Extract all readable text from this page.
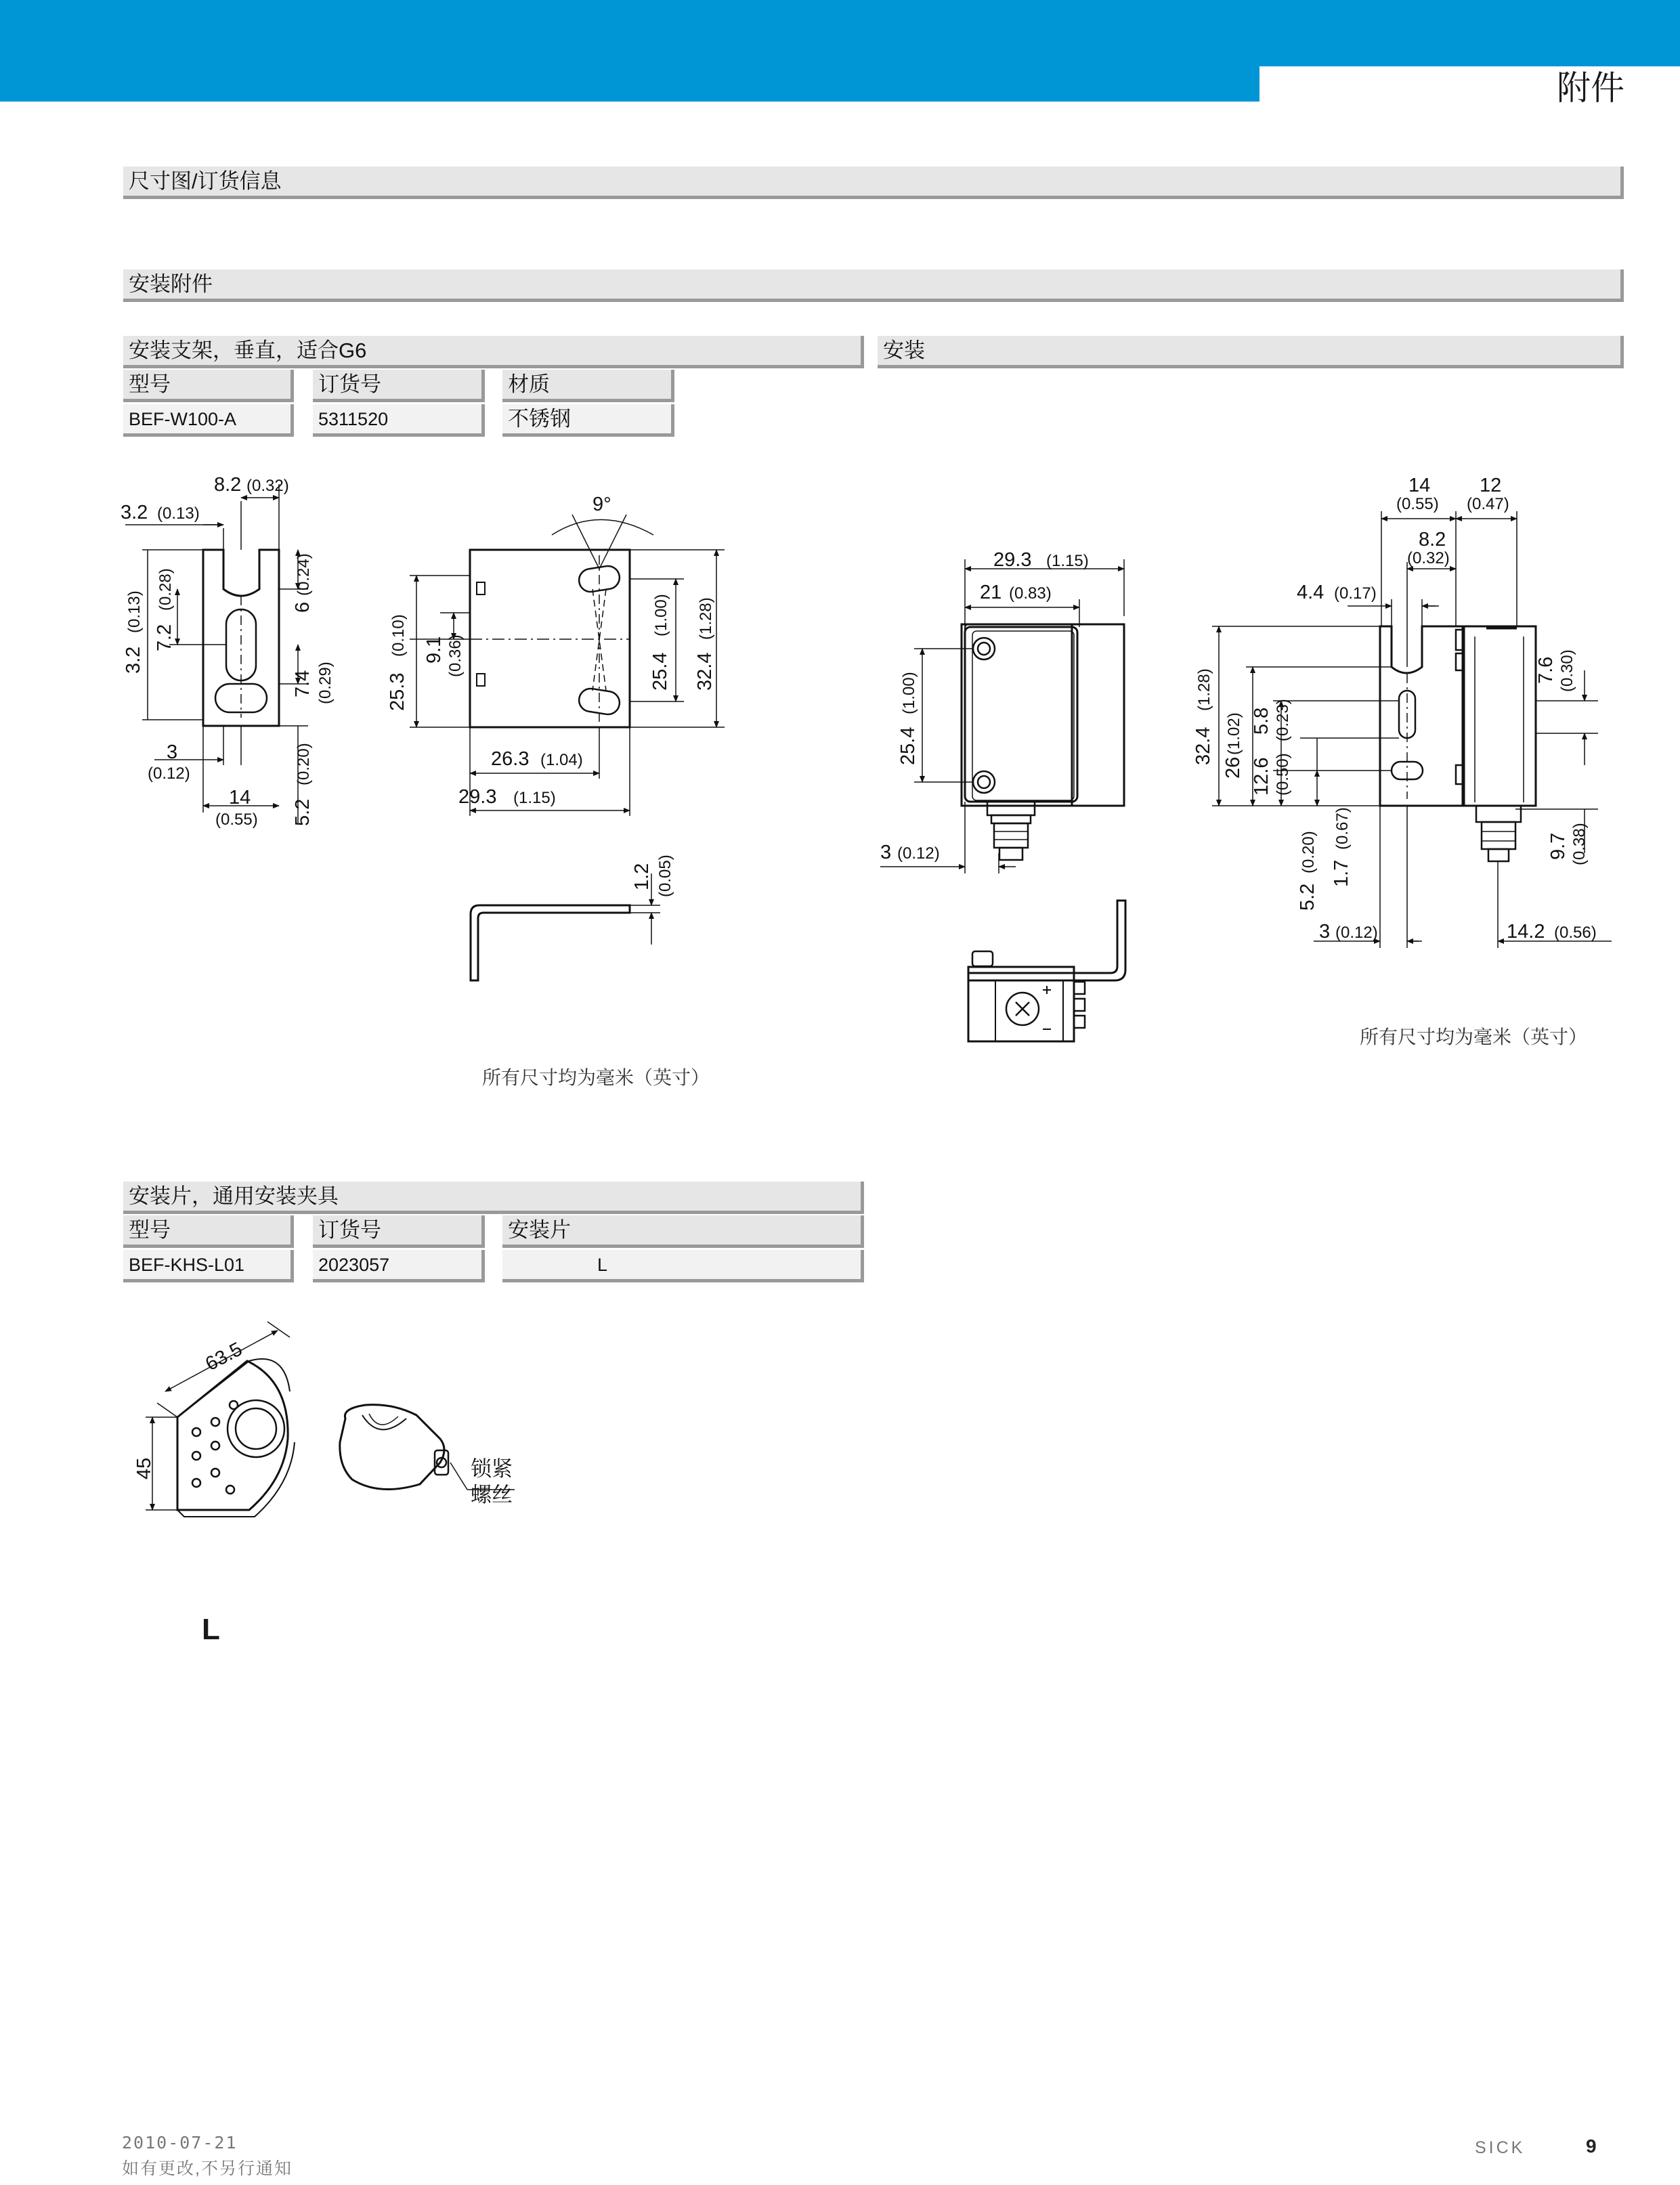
附件
尺寸图/订货信息
安装附件
安装支架，垂直，适合G6	安装
型号	订货号	材质
BEF-W100-A	5311520	不锈钢
安装片，通用安装夹具
型号	订货号	安装片
BEF-KHS-L01	2023057	L
8.2 (0.32)
3.2 (0.13)
3.2
(0.13)
7.2
(0.28)	6
(0.24)
7.4 (0.29)
5.2
(0.20)
3
(0.12)
14
(0.55)
9°
25.3
(0.10) 9.1 (0.36)	25.4
(1.00)
32.4
(1.28)
26.3 (1.04)
29.3 (1.15)
1.2 (0.05)
29.3 (1.15)
21 (0.83)
25.4
(1.00)
3 (0.12)
14
(0.55)
12
(0.47)
8.2
(0.32)
4.4 (0.17)
32.4
(1.28)
26
(1.02)
12.6 (0.50)
5.8 (0.23)
7.6 (0.30)
9.7 (0.38)
5.2
(0.20) 1.7
(0.67)
3 (0.12)	14.2 (0.56)
63.5
45	锁紧
螺丝
所有尺寸均为毫米（英寸）
所有尺寸均为毫米（英寸）
L
2010-07-21
如有更改,不另行通知
SICK	9
